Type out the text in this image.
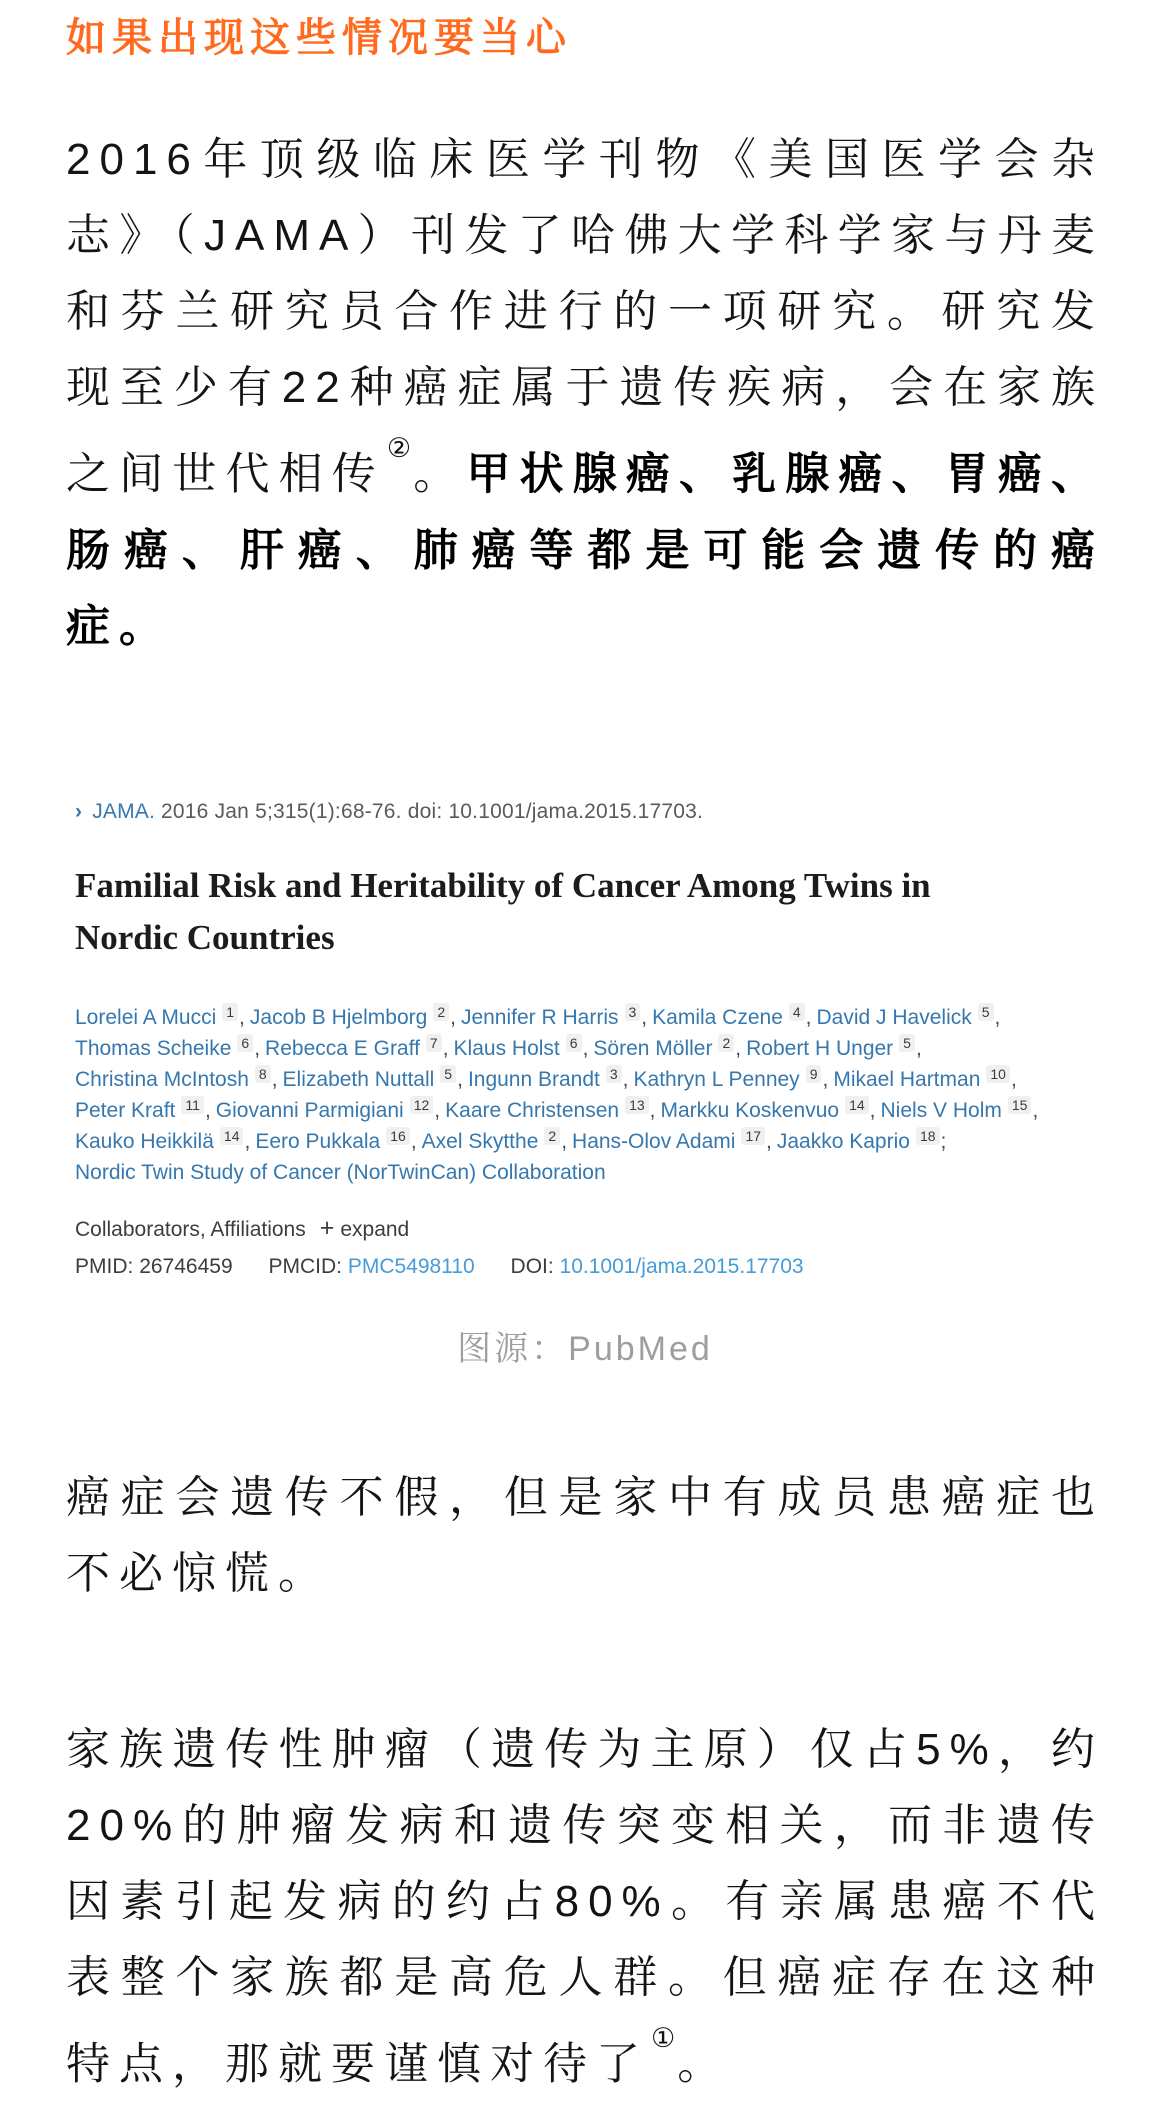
如果出现这些情况要当心

2016年顶级临床医学刊物《美国医学会杂志》（JAMA）刊发了哈佛大学科学家与丹麦和芬兰研究员合作进行的一项研究。研究发现至少有22种癌症属于遗传疾病，会在家族之间世代相传②。甲状腺癌、乳腺癌、胃癌、肠癌、肝癌、肺癌等都是可能会遗传的癌症。

› JAMA. 2016 Jan 5;315(1):68-76. doi: 10.1001/jama.2015.17703.
Familial Risk and Heritability of Cancer Among Twins in Nordic Countries
Lorelei A Mucci 1 , Jacob B Hjelmborg 2 , Jennifer R Harris 3 , Kamila Czene 4 , David J Havelick 5 ,
Thomas Scheike 6 , Rebecca E Graff 7 , Klaus Holst 6 , Sören Möller 2 , Robert H Unger 5 ,
Christina McIntosh 8 , Elizabeth Nuttall 5 , Ingunn Brandt 3 , Kathryn L Penney 9 , Mikael Hartman 10 ,
Peter Kraft 11 , Giovanni Parmigiani 12 , Kaare Christensen 13 , Markku Koskenvuo 14 , Niels V Holm 15 ,
Kauko Heikkilä 14 , Eero Pukkala 16 , Axel Skytthe 2 , Hans-Olov Adami 17 , Jaakko Kaprio 18 ;
Nordic Twin Study of Cancer (NorTwinCan) Collaboration
Collaborators, Affiliations + expand
PMID: 26746459 PMCID: PMC5498110 DOI: 10.1001/jama.2015.17703
图源：PubMed

癌症会遗传不假，但是家中有成员患癌症也不必惊慌。

家族遗传性肿瘤（遗传为主原）仅占5%，约20%的肿瘤发病和遗传突变相关，而非遗传因素引起发病的约占80%。有亲属患癌不代表整个家族都是高危人群。但癌症存在这种特点，那就要谨慎对待了①。
